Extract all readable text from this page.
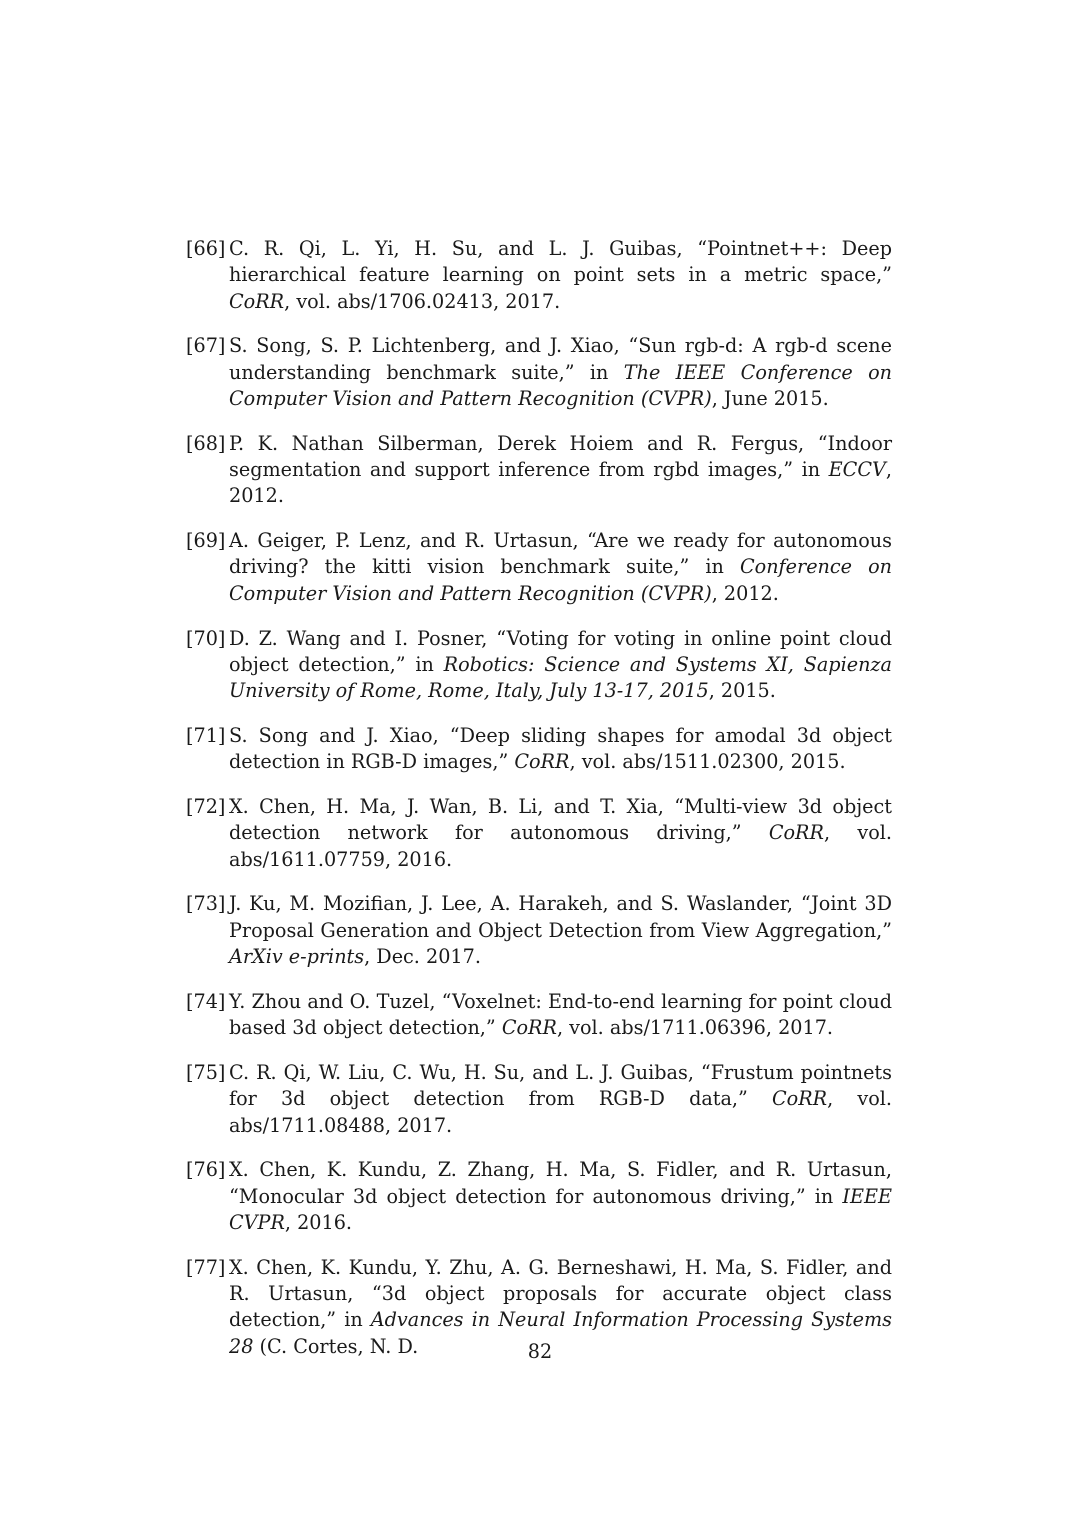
[66] C. R. Qi, L. Yi, H. Su, and L. J. Guibas, “Pointnet++: Deep hierarchical feature learning on point sets in a metric space,” CoRR, vol. abs/1706.02413, 2017.
[67] S. Song, S. P. Lichtenberg, and J. Xiao, “Sun rgb-d: A rgb-d scene understanding benchmark suite,” in The IEEE Conference on Computer Vision and Pattern Recognition (CVPR), June 2015.
[68] P. K. Nathan Silberman, Derek Hoiem and R. Fergus, “Indoor segmentation and support inference from rgbd images,” in ECCV, 2012.
[69] A. Geiger, P. Lenz, and R. Urtasun, “Are we ready for autonomous driving? the kitti vision benchmark suite,” in Conference on Computer Vision and Pattern Recognition (CVPR), 2012.
[70] D. Z. Wang and I. Posner, “Voting for voting in online point cloud object detection,” in Robotics: Science and Systems XI, Sapienza University of Rome, Rome, Italy, July 13-17, 2015, 2015.
[71] S. Song and J. Xiao, “Deep sliding shapes for amodal 3d object detection in RGB-D images,” CoRR, vol. abs/1511.02300, 2015.
[72] X. Chen, H. Ma, J. Wan, B. Li, and T. Xia, “Multi-view 3d object detection network for autonomous driving,” CoRR, vol. abs/1611.07759, 2016.
[73] J. Ku, M. Mozifian, J. Lee, A. Harakeh, and S. Waslander, “Joint 3D Proposal Generation and Object Detection from View Aggregation,” ArXiv e-prints, Dec. 2017.
[74] Y. Zhou and O. Tuzel, “Voxelnet: End-to-end learning for point cloud based 3d object detection,” CoRR, vol. abs/1711.06396, 2017.
[75] C. R. Qi, W. Liu, C. Wu, H. Su, and L. J. Guibas, “Frustum pointnets for 3d object detection from RGB-D data,” CoRR, vol. abs/1711.08488, 2017.
[76] X. Chen, K. Kundu, Z. Zhang, H. Ma, S. Fidler, and R. Urtasun, “Monocular 3d object detection for autonomous driving,” in IEEE CVPR, 2016.
[77] X. Chen, K. Kundu, Y. Zhu, A. G. Berneshawi, H. Ma, S. Fidler, and R. Urtasun, “3d object proposals for accurate object class detection,” in Advances in Neural Information Processing Systems 28 (C. Cortes, N. D.	82
